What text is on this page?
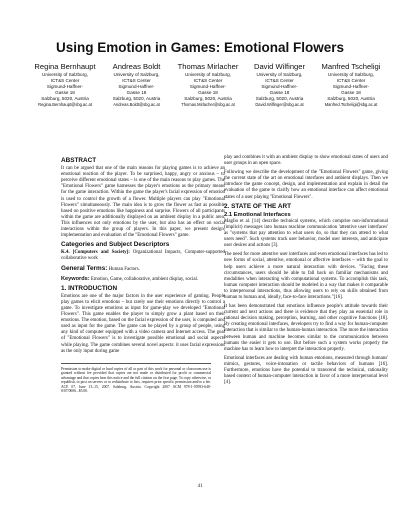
Using Emotion in Games: Emotional Flowers
Regina Bernhaupt
University of Salzburg,
ICT&S Center
Sigmund-Haffner-
Gasse 18
Salzburg, 5020, Austria
Regina.Bernhaupt@sbg.ac.at
Andreas Boldt
University of Salzburg,
ICT&S Center
Sigmund-Haffner-
Gasse 18
Salzburg, 5020, Austria
Andreas.Boldt@sbg.ac.at
Thomas Mirlacher
University of Salzburg,
ICT&S Center
Sigmund-Haffner-
Gasse 18
Salzburg, 5020, Austria
Thomas.Mirlacher@sbg.ac.at
David Wilfinger
University of Salzburg,
ICT&S Center
Sigmund-Haffner-
Gasse 18
Salzburg, 5020, Austria
David.Wilfinger@sbg.ac.at
Manfred Tscheligi
University of Salzburg,
ICT&S Center
Sigmund-Haffner-
Gasse 18
Salzburg, 5020, Austria
Manfred.Tscheligi@sbg.ac.at
ABSTRACT

It can be argued that one of the main reasons for playing games is to achieve an emotional reaction of the player. To be surprised, happy, angry or anxious – to perceive different emotional states – is one of the main reasons to play games. The "Emotional Flowers" game harnesses the player's emotions as the primary means for the game interaction. Within the game the player's facial expression of emotion is used to control the growth of a flower. Multiple players can play "Emotional Flowers" simultaneously. The main idea is to grow the flower as fast as possible based on positive emotions like happiness and surprise. Flowers of all participants within the game are additionally displayed on an ambient display in a public area. This influences not only emotions by the user, but also has an effect on social interactions within the group of players. In this paper, we present design, implementation and evaluation of the "Emotional Flowers" game.

Categories and Subject Descriptors

K.4. [Computers and Society]: Organizational Impacts, Computer-supported collaborative work

General Terms: Human Factors.

Keywords: Emotion, Game, collaborative, ambient display, social.

1. INTRODUCTION

Emotions are one of the major factors in the user experience of gaming. People play games to elicit emotions – but rarely use their emotions directly to control a game. To investigate emotions as input for game-play we developed "Emotional Flowers". This game enables the player to simply grow a plant based on their emotions. The emotion, based on the facial expression of the user, is computed and used as input for the game. The game can be played by a group of people, using any kind of computer equipped with a video camera and Internet access. The goal of "Emotional Flowers" is to investigate possible emotional and social aspects while playing. The game combines several novel aspects: it uses facial expressions as the only input during game

Permission to make digital or hard copies of all or part of this work for personal or classroom use is granted without fee provided that copies are not made or distributed for profit or commercial advantage and that copies bear this notice and the full citation on the first page. To copy otherwise, or republish, to post on servers or to redistribute to lists, requires prior specific permission and/or a fee. ACE 07, June 13–15, 2007, Salzburg, Austria. Copyright 2007 ACM 978-1-59593-640-0/07/0006...$5.00.

play and combines it with an ambient display to show emotional states of users and user groups in an open space.

Following we describe the development of the "Emotional Flowers" game, giving the current state of the art on emotional interfaces and ambient displays. Then we introduce the game concept, design, and implementation and explain in detail the evaluation of the game to clarify how an emotional interface can affect emotional states of a user playing "Emotional Flowers".

2. STATE OF THE ART
2.1 Emotional Interfaces

Maglio et al. [14] describe technical systems, which comprise non-informational (implicit) messages into human machine communication 'attentive user interfaces' as "systems that pay attention to what users do, so that they can attend to what users need". Such systems track user behavior, model user interests, and anticipate user desires and actions [3].

The need for more attentive user interfaces and even emotional interfaces has led to new forms of social, attentive, emotional or affective interfaces – with the goal to help users achieve a more natural interaction with devices. "Facing these circumstances, users should be able to fall back on familiar mechanisms and modalities when interacting with computational systems. To accomplish this task, human computer interaction should be modeled in a way that makes it comparable to interpersonal interactions, thus allowing users to rely on skills obtained from human to human and, ideally, face-to-face interactions."[16].

It has been demonstrated that emotions influence people's attitude towards their current and next actions and there is evidence that they play an essential role in rational decision making, perception, learning, and other cognitive functions [18]. By creating emotional interfaces, developers try to find a way for human-computer interaction that is similar to the human-human interaction. The more the interaction between human and machine becomes similar to the communication between humans the easier it gets to use. But before such a system works properly the machine has to learn how to interpret the interaction properly.

Emotional interfaces are dealing with human emotions, measured through humans' mimics, gestures, voice-intonation or tactile behaviors of humans [16]. Furthermore, emotions have the potential to transcend the technical, rationality based context of human-computer interaction in favor of a more interpersonal level [4].

41
